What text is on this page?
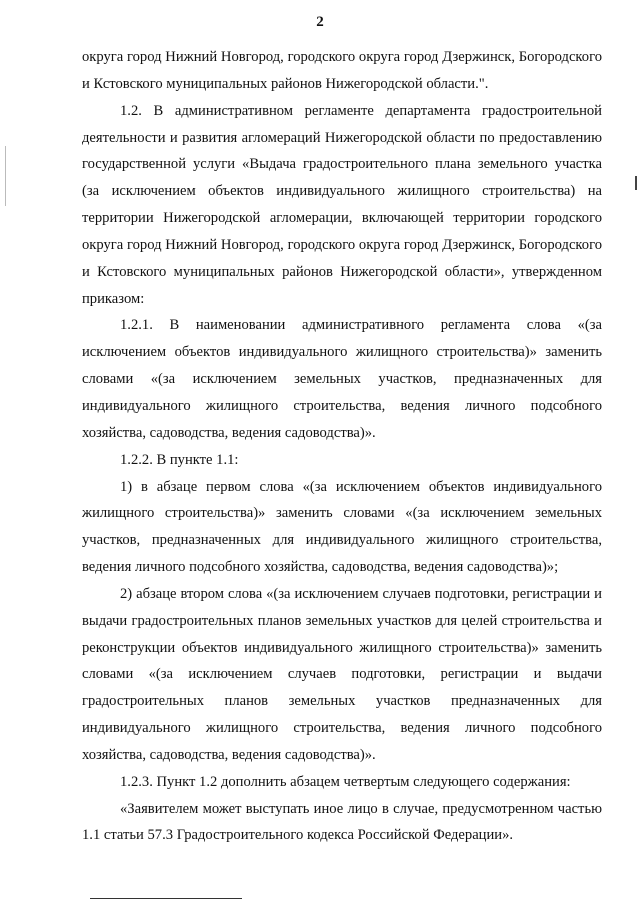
2

округа город Нижний Новгород, городского округа город Дзержинск, Богородского и Кстовского муниципальных районов Нижегородской области.".

1.2. В административном регламенте департамента градостроительной деятельности и развития агломераций Нижегородской области по предоставлению государственной услуги «Выдача градостроительного плана земельного участка (за исключением объектов индивидуального жилищного строительства) на территории Нижегородской агломерации, включающей территории городского округа город Нижний Новгород, городского округа город Дзержинск, Богородского и Кстовского муниципальных районов Нижегородской области», утвержденном приказом:

1.2.1. В наименовании административного регламента слова «(за исключением объектов индивидуального жилищного строительства)» заменить словами «(за исключением земельных участков, предназначенных для индивидуального жилищного строительства, ведения личного подсобного хозяйства, садоводства, ведения садоводства)».

1.2.2. В пункте 1.1:

1) в абзаце первом слова «(за исключением объектов индивидуального жилищного строительства)» заменить словами «(за исключением земельных участков, предназначенных для индивидуального жилищного строительства, ведения личного подсобного хозяйства, садоводства, ведения садоводства)»;

2) абзаце втором слова «(за исключением случаев подготовки, регистрации и выдачи градостроительных планов земельных участков для целей строительства и реконструкции объектов индивидуального жилищного строительства)» заменить словами «(за исключением случаев подготовки, регистрации и выдачи градостроительных планов земельных участков предназначенных для индивидуального жилищного строительства, ведения личного подсобного хозяйства, садоводства, ведения садоводства)».

1.2.3. Пункт 1.2 дополнить абзацем четвертым следующего содержания:

«Заявителем может выступать иное лицо в случае, предусмотренном частью 1.1 статьи 57.3 Градостроительного кодекса Российской Федерации».
